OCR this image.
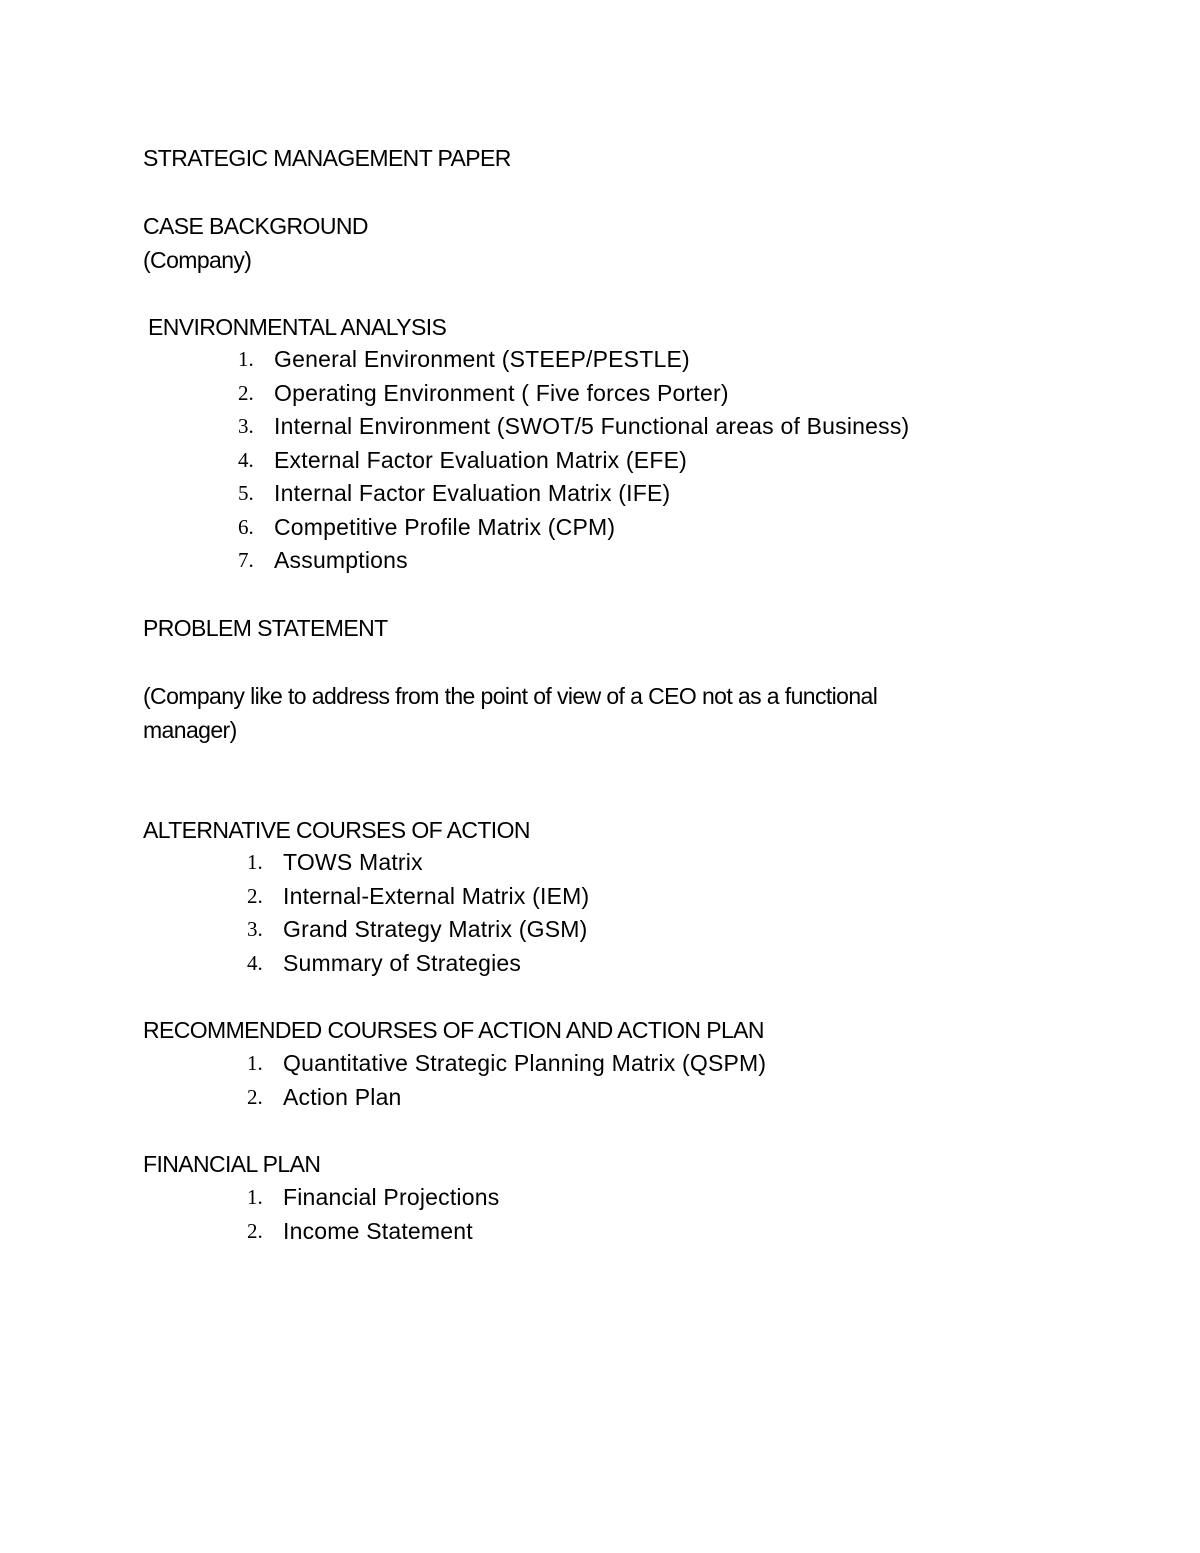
STRATEGIC MANAGEMENT PAPER
CASE BACKGROUND
(Company)
ENVIRONMENTAL ANALYSIS
1. General Environment (STEEP/PESTLE)
2. Operating Environment ( Five forces Porter)
3. Internal Environment (SWOT/5 Functional areas of Business)
4. External Factor Evaluation Matrix (EFE)
5. Internal Factor Evaluation Matrix (IFE)
6. Competitive Profile Matrix (CPM)
7. Assumptions
PROBLEM STATEMENT
(Company like to address from the point of view of a CEO not as a functional
manager)
ALTERNATIVE COURSES OF ACTION
1. TOWS Matrix
2. Internal-External Matrix (IEM)
3. Grand Strategy Matrix (GSM)
4. Summary of Strategies
RECOMMENDED COURSES OF ACTION AND ACTION PLAN
1. Quantitative Strategic Planning Matrix (QSPM)
2. Action Plan
FINANCIAL PLAN
1. Financial Projections
2. Income Statement
